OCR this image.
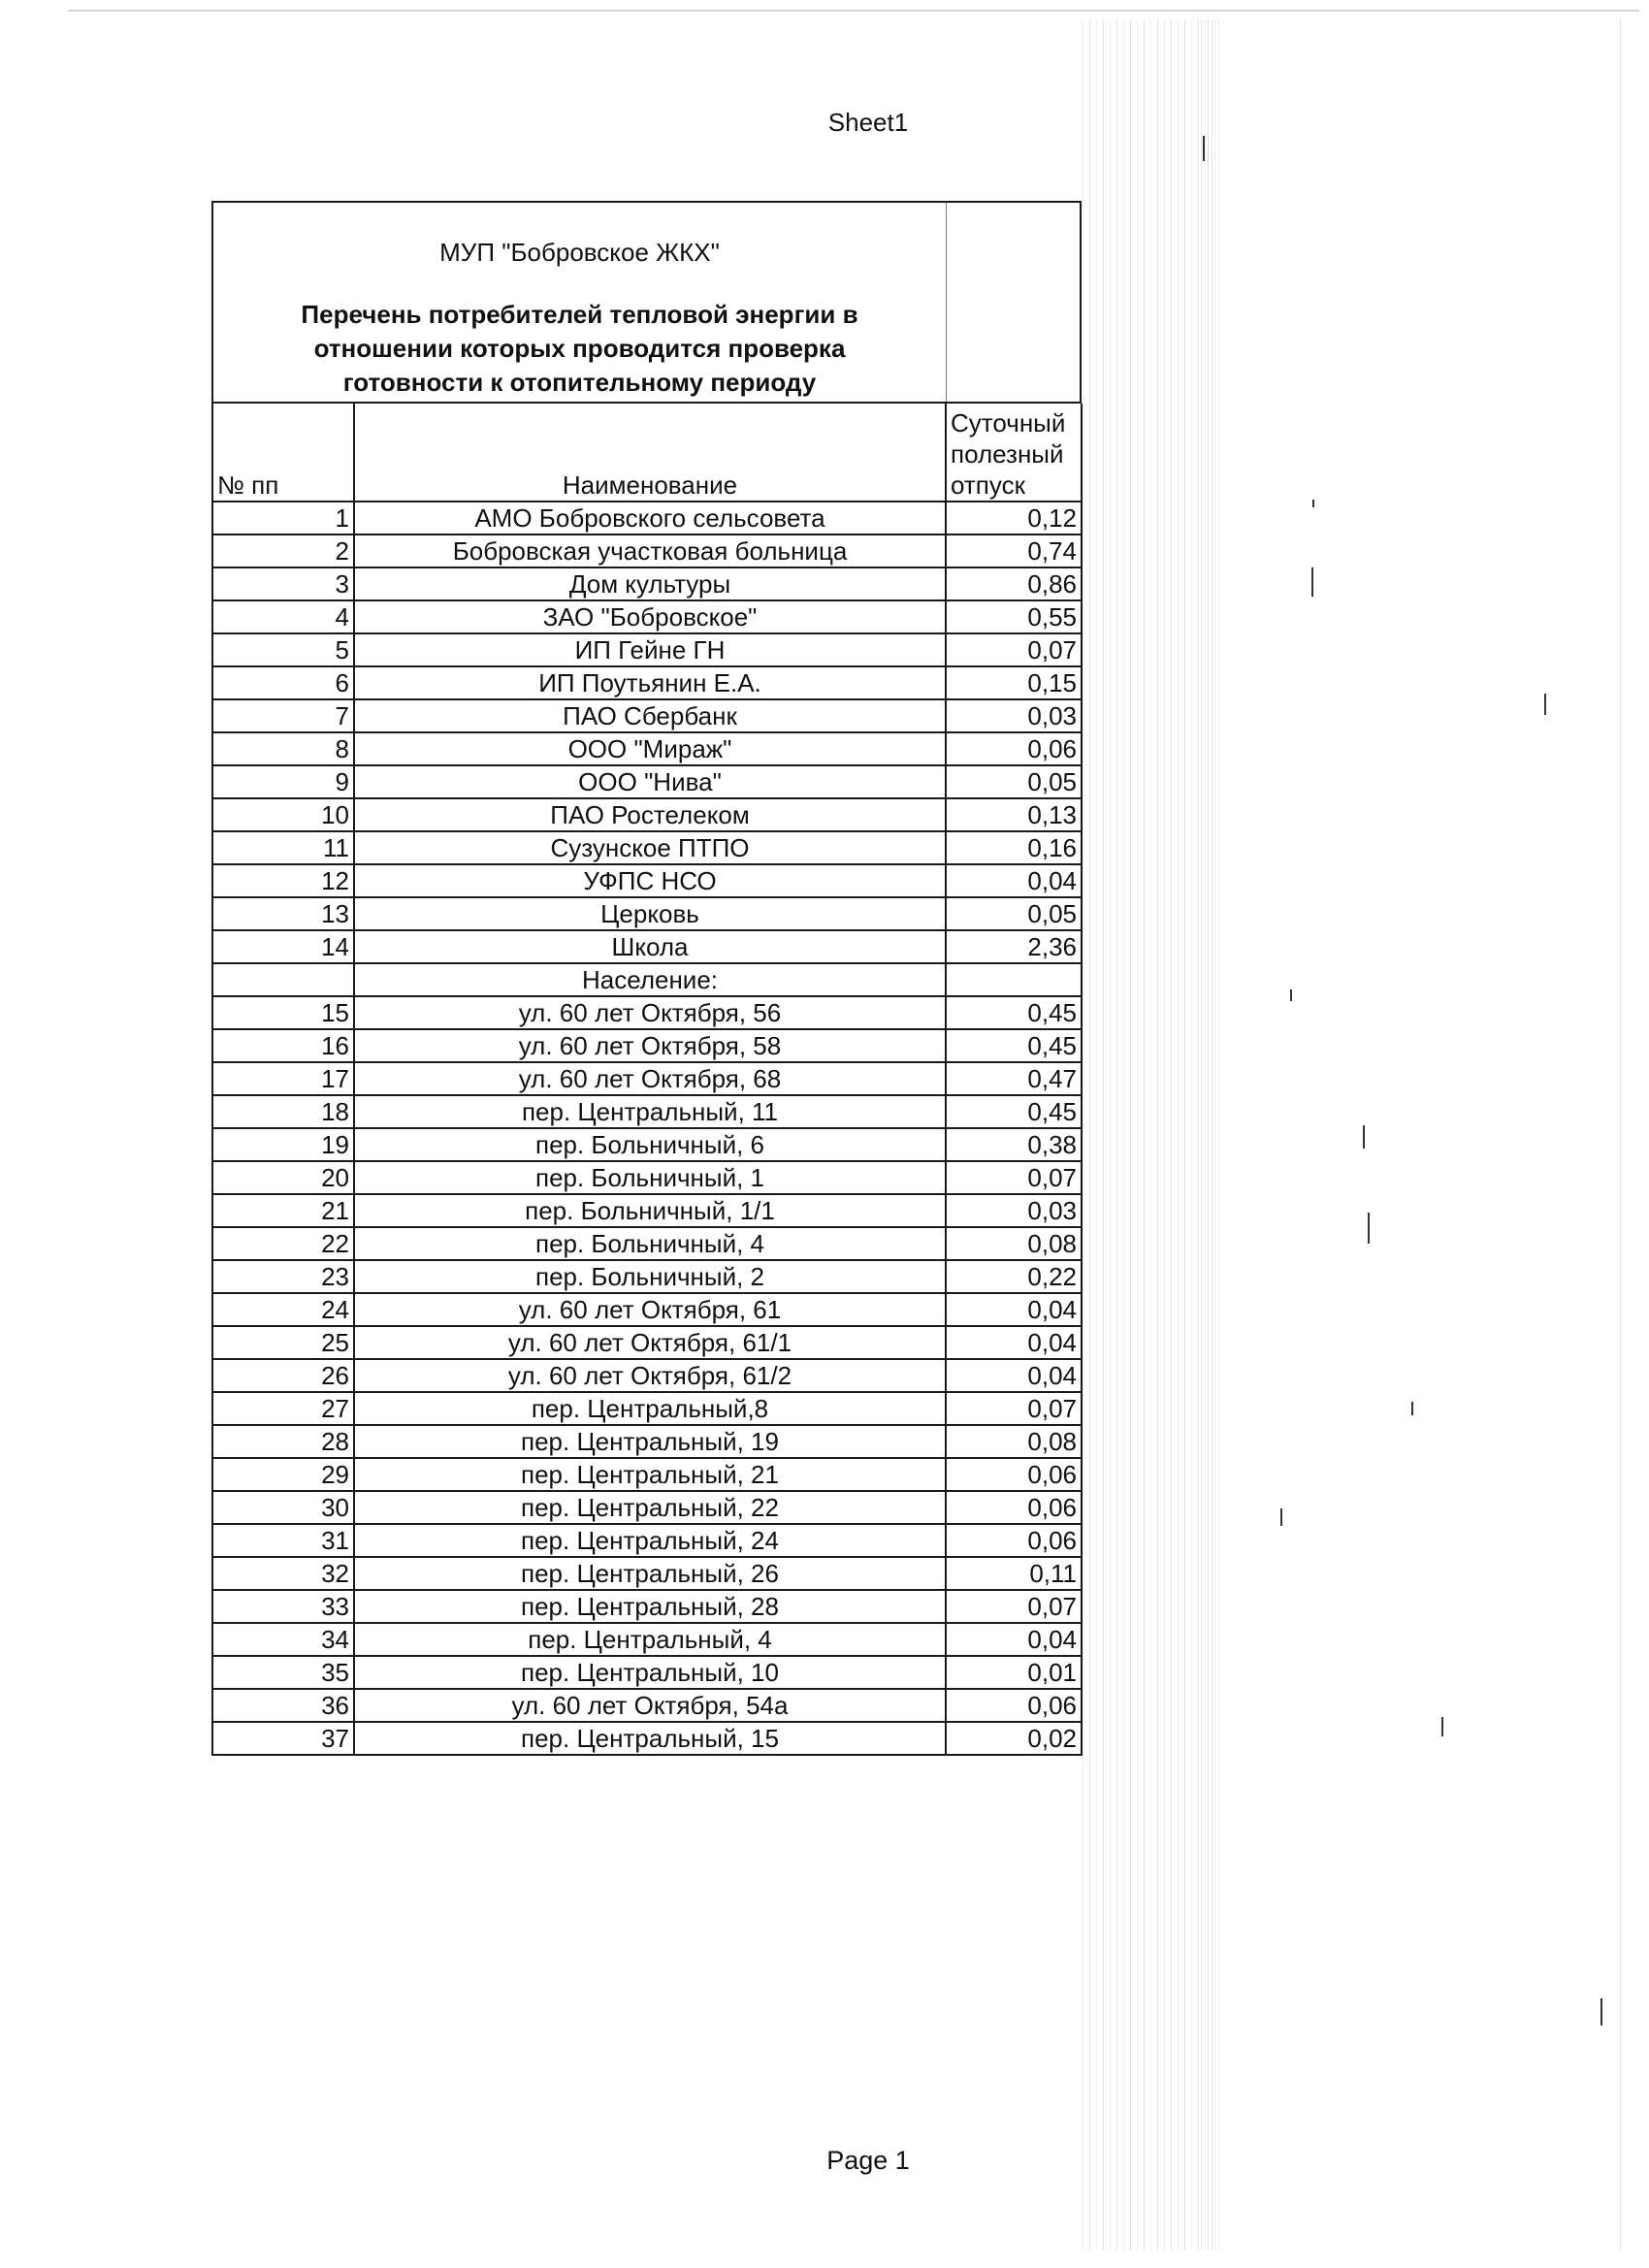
Sheet1
МУП "Бобровское ЖКХ"
Перечень потребителей тепловой энергии в
отношении которых проводится проверка
готовности к отопительному периоду
№ пп	Наименование	Суточный
полезный
отпуск

1	АМО Бобровского сельсовета	0,12
2	Бобровская участковая больница	0,74
3	Дом культуры	0,86
4	ЗАО "Бобровское"	0,55
5	ИП Гейне ГН	0,07
6	ИП Поутьянин Е.А.	0,15
7	ПАО Сбербанк	0,03
8	ООО "Мираж"	0,06
9	ООО "Нива"	0,05
10	ПАО Ростелеком	0,13
11	Сузунское ПТПО	0,16
12	УФПС НСО	0,04
13	Церковь	0,05
14	Школа	2,36
	Население:	
15	ул. 60 лет Октября, 56	0,45
16	ул. 60 лет Октября, 58	0,45
17	ул. 60 лет Октября, 68	0,47
18	пер. Центральный, 11	0,45
19	пер. Больничный, 6	0,38
20	пер. Больничный, 1	0,07
21	пер. Больничный, 1/1	0,03
22	пер. Больничный, 4	0,08
23	пер. Больничный, 2	0,22
24	ул. 60 лет Октября, 61	0,04
25	ул. 60 лет Октября, 61/1	0,04
26	ул. 60 лет Октября, 61/2	0,04
27	пер. Центральный,8	0,07
28	пер. Центральный, 19	0,08
29	пер. Центральный, 21	0,06
30	пер. Центральный, 22	0,06
31	пер. Центральный, 24	0,06
32	пер. Центральный, 26	0,11
33	пер. Центральный, 28	0,07
34	пер. Центральный, 4	0,04
35	пер. Центральный, 10	0,01
36	ул. 60 лет Октября, 54а	0,06
37	пер. Центральный, 15	0,02
Page 1
